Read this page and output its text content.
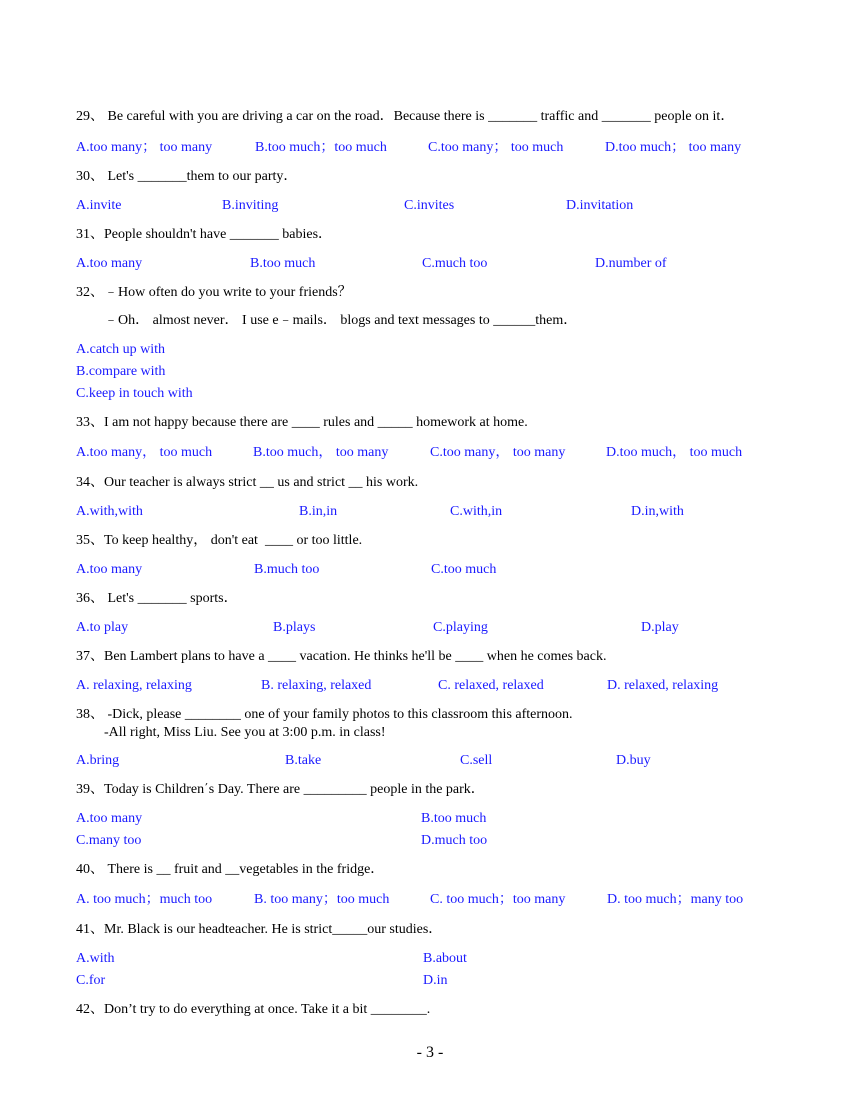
29、 Be careful with you are driving a car on the road．Because there is _______ traffic and _______ people on it．
A.too many； too many	B.too much；too much	C.too many； too much	D.too much； too many
30、 Let's _______them to our party．
A.invite	B.inviting	C.invites	D.invitation
31、People shouldn't have _______ babies．
A.too many	B.too much	C.much too	D.number of
32、﹣How often do you write to your friends？
﹣Oh． almost never． I use e﹣mails． blogs and text messages to ______them．
A.catch up with
B.compare with
C.keep in touch with
33、I am not happy because there are ____ rules and _____ homework at home.
A.too many， too much	B.too much， too many	C.too many， too many	D.too much， too much
34、Our teacher is always strict __ us and strict __ his work.
A.with,with	B.in,in	C.with,in	D.in,with
35、To keep healthy， don't eat  ____ or too little.
A.too many	B.much too	C.too much
36、 Let's _______ sports．
A.to play	B.plays	C.playing	D.play
37、Ben Lambert plans to have a ____ vacation. He thinks he'll be ____ when he comes back.
A. relaxing, relaxing	B. relaxing, relaxed	C. relaxed, relaxed	D. relaxed, relaxing
38、 -Dick, please ________ one of your family photos to this classroom this afternoon.
-All right, Miss Liu. See you at 3:00 p.m. in class!
A.bring	B.take	C.sell	D.buy
39、Today is Children΄s Day. There are _________ people in the park．
A.too many	B.too much
C.many too	D.much too
40、 There is __ fruit and __vegetables in the fridge．
A. too much；much too	B. too many；too much	C. too much；too many	D. too much；many too
41、Mr. Black is our headteacher. He is strict_____our studies．
A.with	B.about
C.for	D.in
42、Don’t try to do everything at once. Take it a bit ________.
- 3 -
